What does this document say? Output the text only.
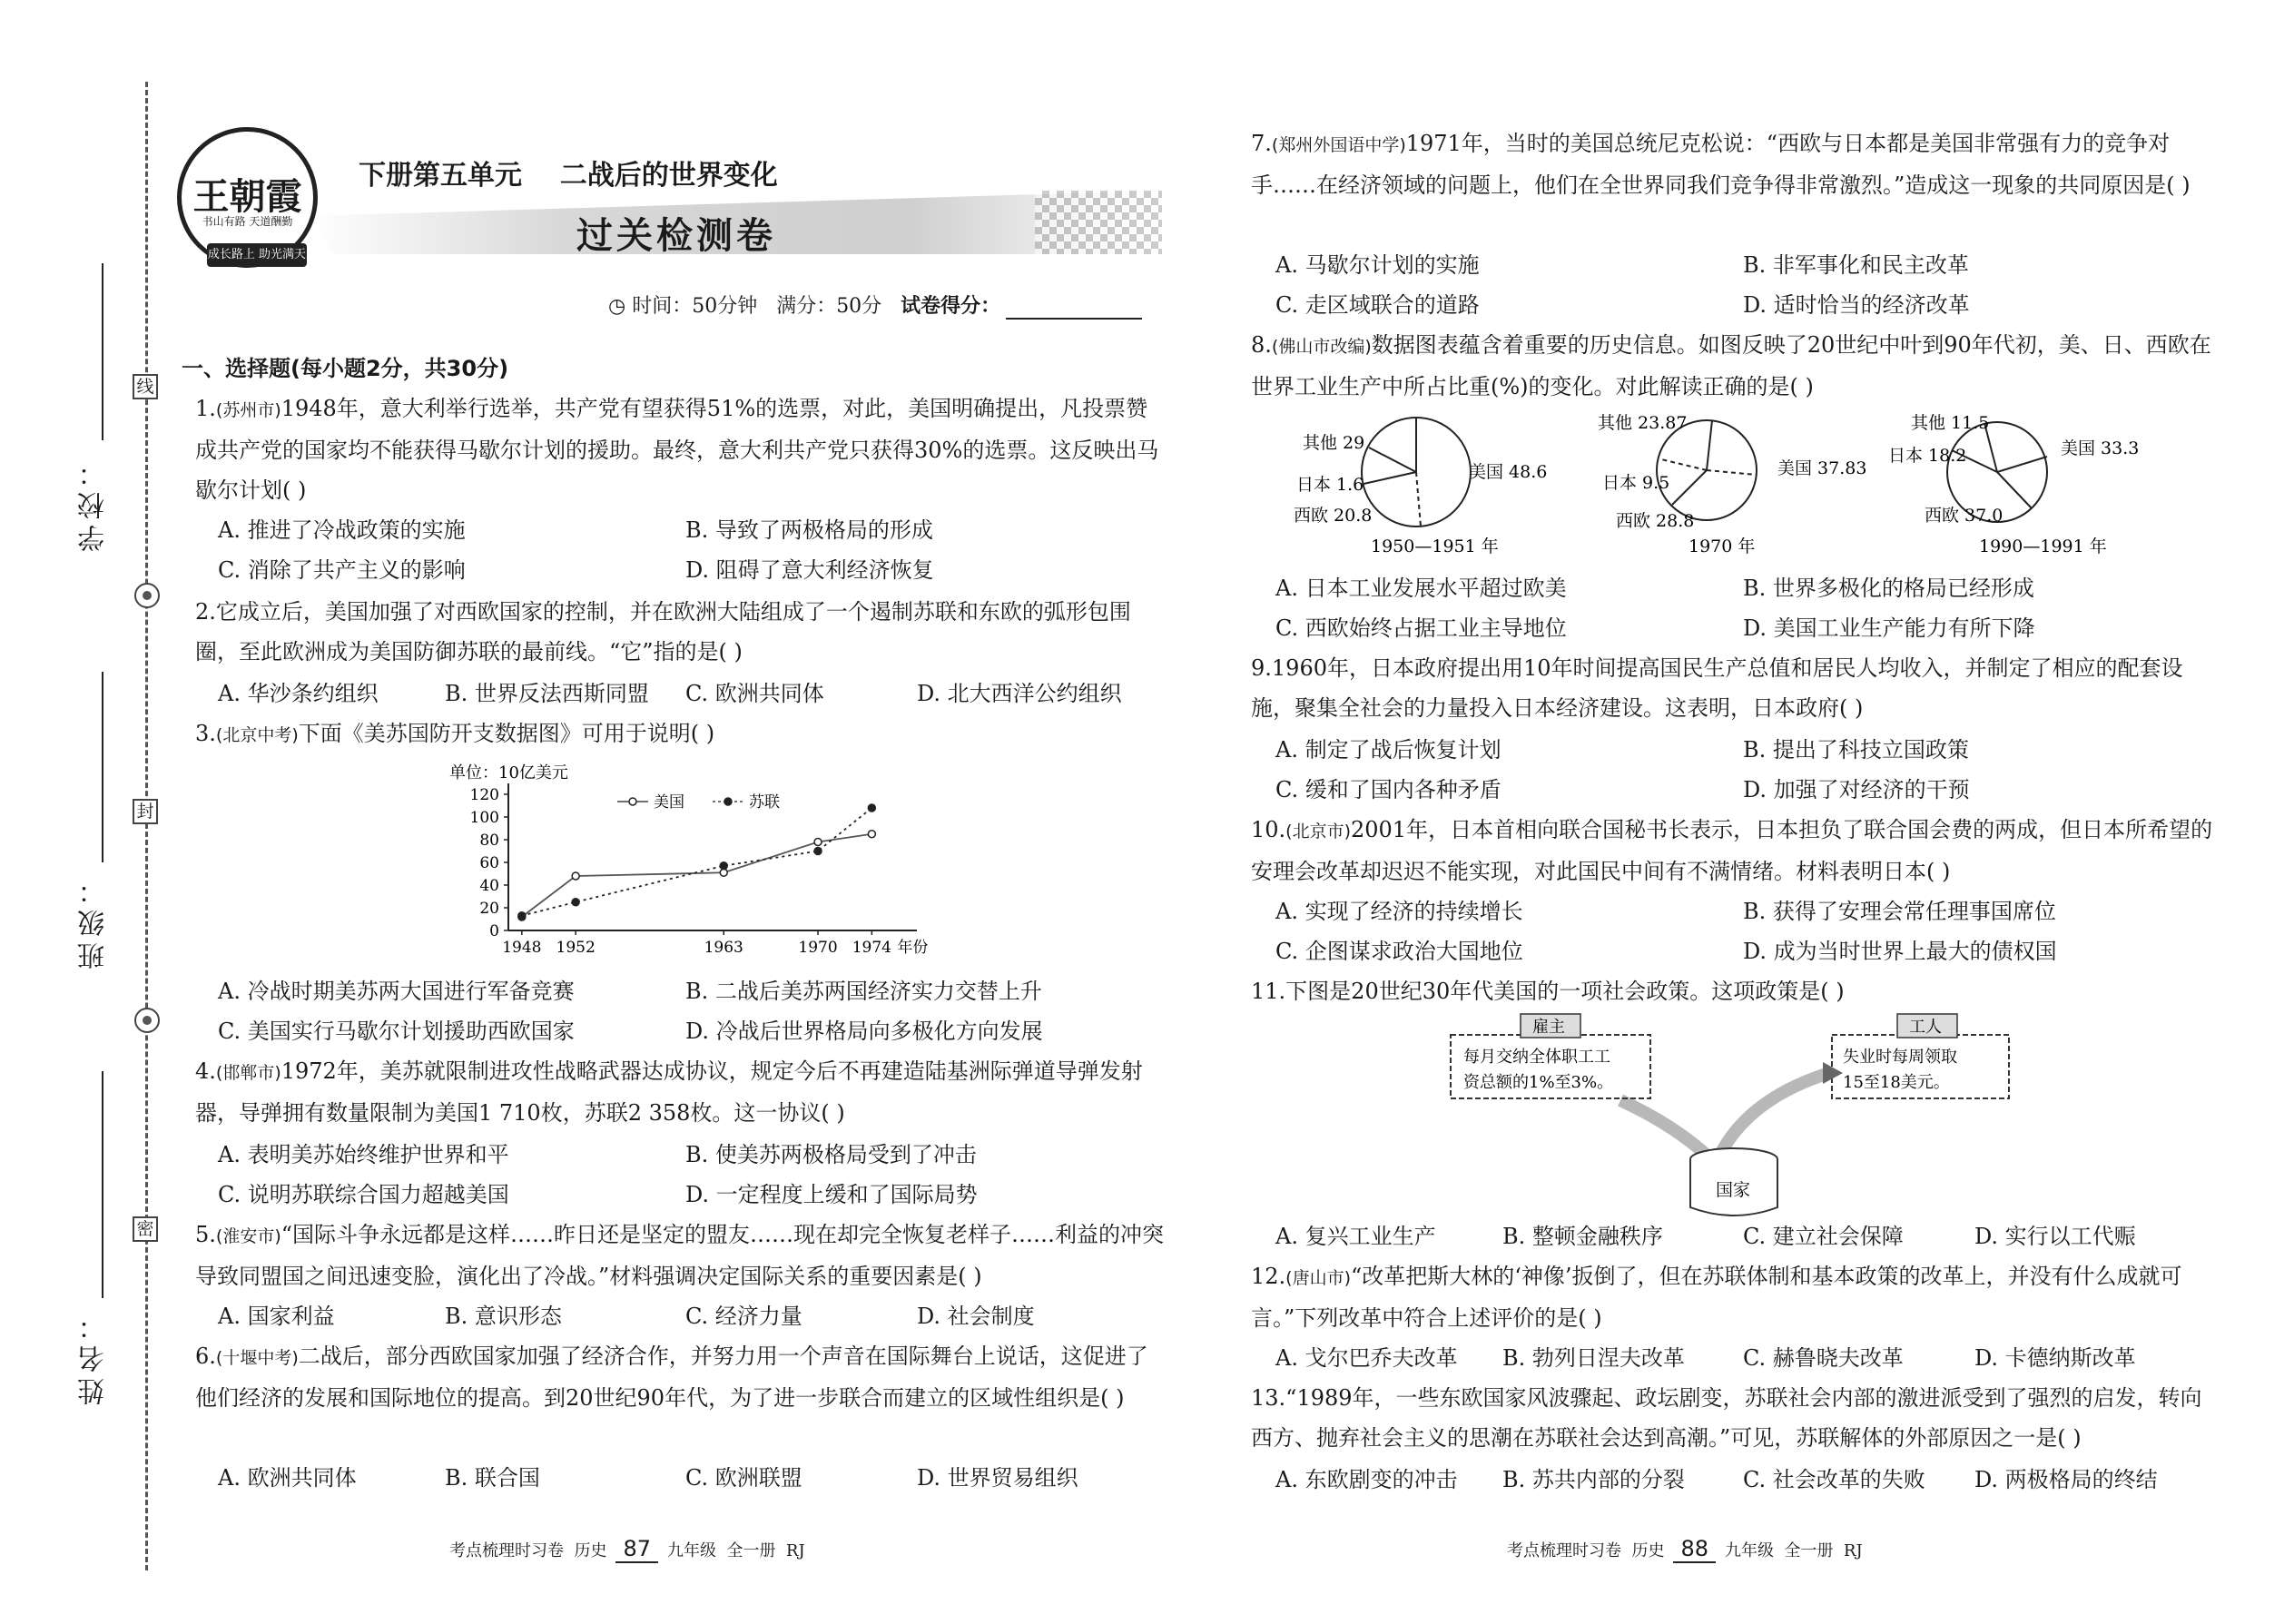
学校：
班级：
姓名：
线
封
密
王朝霞
书山有路 天道酬勤
成长路上 助光满天
下册第五单元    二战后的世界变化
过关检测卷
◷ 时间：50分钟 满分：50分 试卷得分：
一、选择题(每小题2分，共30分)
1.(苏州市)1948年，意大利举行选举，共产党有望获得51%的选票，对此，美国明确提出，凡投票赞成共产党的国家均不能获得马歇尔计划的援助。最终，意大利共产党只获得30%的选票。这反映出马歇尔计划( )
A. 推进了冷战政策的实施	B. 导致了两极格局的形成
C. 消除了共产主义的影响	D. 阻碍了意大利经济恢复
2.它成立后，美国加强了对西欧国家的控制，并在欧洲大陆组成了一个遏制苏联和东欧的弧形包围圈，至此欧洲成为美国防御苏联的最前线。“它”指的是( )
A. 华沙条约组织	B. 世界反法西斯同盟	C. 欧洲共同体	D. 北大西洋公约组织
3.(北京中考)下面《美苏国防开支数据图》可用于说明( )
单位：10亿美元
0
20
40
60
80
100
120
1948 1952	1963	1970 1974 年份
美国	苏联
A. 冷战时期美苏两大国进行军备竞赛	B. 二战后美苏两国经济实力交替上升
C. 美国实行马歇尔计划援助西欧国家	D. 冷战后世界格局向多极化方向发展
4.(邯郸市)1972年，美苏就限制进攻性战略武器达成协议，规定今后不再建造陆基洲际弹道导弹发射器，导弹拥有数量限制为美国1 710枚，苏联2 358枚。这一协议( )
A. 表明美苏始终维护世界和平	B. 使美苏两极格局受到了冲击
C. 说明苏联综合国力超越美国	D. 一定程度上缓和了国际局势
5.(淮安市)“国际斗争永远都是这样……昨日还是坚定的盟友……现在却完全恢复老样子……利益的冲突导致同盟国之间迅速变脸，演化出了冷战。”材料强调决定国际关系的重要因素是( )
A. 国家利益	B. 意识形态	C. 经济力量	D. 社会制度
6.(十堰中考)二战后，部分西欧国家加强了经济合作，并努力用一个声音在国际舞台上说话，这促进了他们经济的发展和国际地位的提高。到20世纪90年代，为了进一步联合而建立的区域性组织是( )
A. 欧洲共同体	B. 联合国	C. 欧洲联盟	D. 世界贸易组织
考点梳理时习卷  历史 87 九年级  全一册  RJ
7.(郑州外国语中学)1971年，当时的美国总统尼克松说：“西欧与日本都是美国非常强有力的竞争对手……在经济领域的问题上，他们在全世界同我们竞争得非常激烈。”造成这一现象的共同原因是( )
A. 马歇尔计划的实施	B. 非军事化和民主改革
C. 走区域联合的道路	D. 适时恰当的经济改革
8.(佛山市改编)数据图表蕴含着重要的历史信息。如图反映了20世纪中叶到90年代初，美、日、西欧在世界工业生产中所占比重(%)的变化。对此解读正确的是( )
其他 29
日本 1.6
西欧 20.8
美国 48.6
1950—1951 年
其他 23.87
日本 9.5
西欧 28.8
美国 37.83
1970 年
其他 11.5
日本 18.2
西欧 37.0
美国 33.3
1990—1991 年
A. 日本工业发展水平超过欧美	B. 世界多极化的格局已经形成
C. 西欧始终占据工业主导地位	D. 美国工业生产能力有所下降
9.1960年，日本政府提出用10年时间提高国民生产总值和居民人均收入，并制定了相应的配套设施，聚集全社会的力量投入日本经济建设。这表明，日本政府( )
A. 制定了战后恢复计划	B. 提出了科技立国政策
C. 缓和了国内各种矛盾	D. 加强了对经济的干预
10.(北京市)2001年，日本首相向联合国秘书长表示，日本担负了联合国会费的两成，但日本所希望的安理会改革却迟迟不能实现，对此国民中间有不满情绪。材料表明日本( )
A. 实现了经济的持续增长	B. 获得了安理会常任理事国席位
C. 企图谋求政治大国地位	D. 成为当时世界上最大的债权国
11.下图是20世纪30年代美国的一项社会政策。这项政策是( )
雇主
每月交纳全体职工工
资总额的1%至3%。
工人
失业时每周领取
15至18美元。
国家
A. 复兴工业生产	B. 整顿金融秩序	C. 建立社会保障	D. 实行以工代赈
12.(唐山市)“改革把斯大林的‘神像’扳倒了，但在苏联体制和基本政策的改革上，并没有什么成就可言。”下列改革中符合上述评价的是( )
A. 戈尔巴乔夫改革	B. 勃列日涅夫改革	C. 赫鲁晓夫改革	D. 卡德纳斯改革
13.“1989年，一些东欧国家风波骤起、政坛剧变，苏联社会内部的激进派受到了强烈的启发，转向西方、抛弃社会主义的思潮在苏联社会达到高潮。”可见，苏联解体的外部原因之一是( )
A. 东欧剧变的冲击	B. 苏共内部的分裂	C. 社会改革的失败	D. 两极格局的终结
考点梳理时习卷  历史 88 九年级  全一册  RJ
